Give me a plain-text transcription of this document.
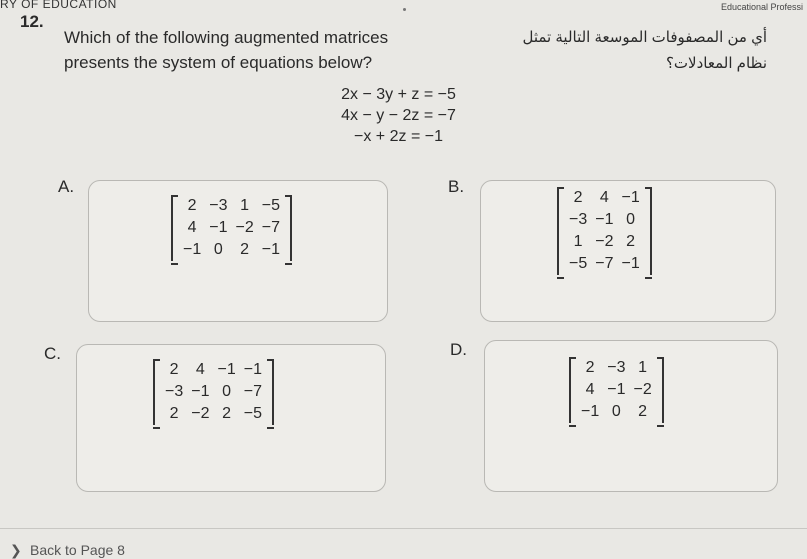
RY OF EDUCATION	Educational Professi
12.
Which of the following augmented matrices presents the system of equations below?
أي من المصفوفات الموسعة التالية تمثل نظام المعادلات؟
2x − 3y + z = −5
4x − y − 2z = −7
−x + 2z = −1
A.
2	−3	1	−5
4	−1	−2	−7
−1	0	2	−1
B.
2	4	−1
−3	−1	0
1	−2	2
−5	−7	−1
C.
2	4	−1	−1
−3	−1	0	−7
2	−2	2	−5
D.
2	−3	1
4	−1	−2
−1	0	2
❯ Back to Page 8
